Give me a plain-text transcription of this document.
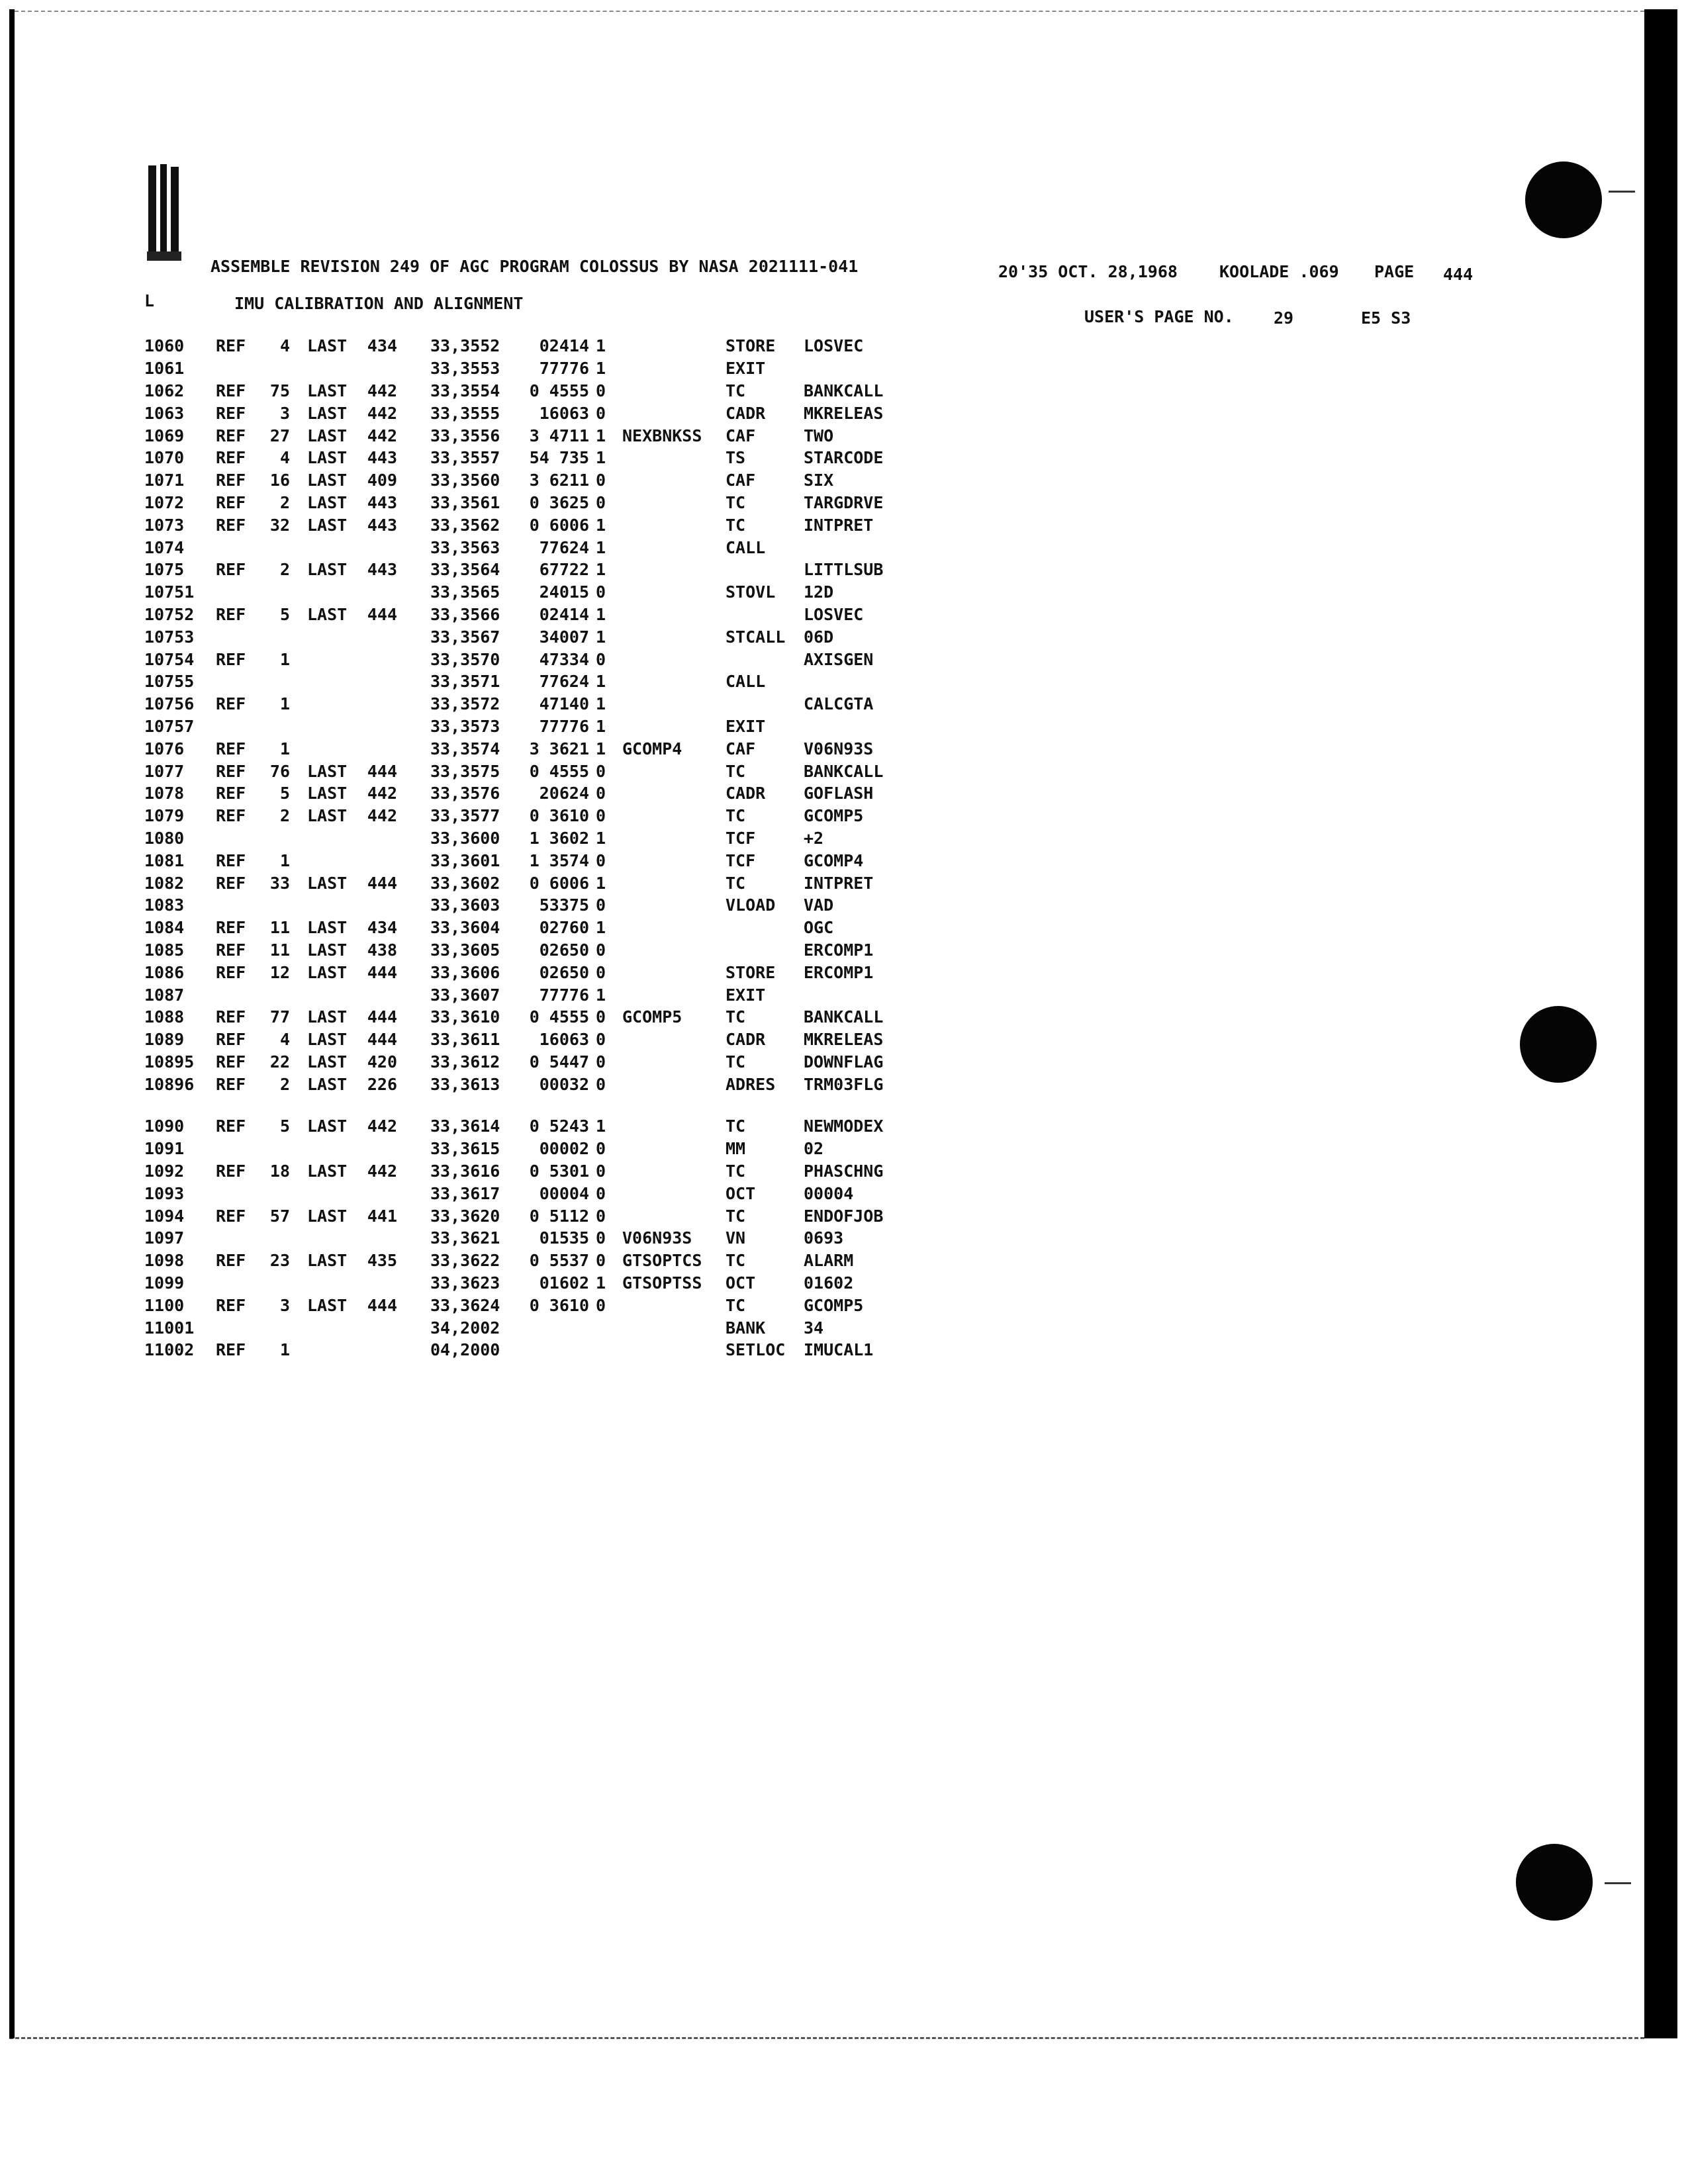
ASSEMBLE REVISION 249 OF AGC PROGRAM COLOSSUS BY NASA 2021111-041	20'35 OCT. 28,1968	KOOLADE .069 PAGE 444
L	IMU CALIBRATION AND ALIGNMENT
USER'S PAGE NO. 29	E5 S3
1060	REF	4	LAST	434	33,3552	02414	1		STORE	LOSVEC
1061					33,3553	77776	1		EXIT	
1062	REF	75	LAST	442	33,3554	0 4555	0		TC	BANKCALL
1063	REF	3	LAST	442	33,3555	16063	0		CADR	MKRELEAS
1069	REF	27	LAST	442	33,3556	3 4711	1	NEXBNKSS	CAF	TWO
1070	REF	4	LAST	443	33,3557	54 735	1		TS	STARCODE
1071	REF	16	LAST	409	33,3560	3 6211	0		CAF	SIX
1072	REF	2	LAST	443	33,3561	0 3625	0		TC	TARGDRVE
1073	REF	32	LAST	443	33,3562	0 6006	1		TC	INTPRET
1074					33,3563	77624	1		CALL	
1075	REF	2	LAST	443	33,3564	67722	1			LITTLSUB
10751					33,3565	24015	0		STOVL	12D
10752	REF	5	LAST	444	33,3566	02414	1			LOSVEC
10753					33,3567	34007	1		STCALL	06D
10754	REF	1			33,3570	47334	0			AXISGEN
10755					33,3571	77624	1		CALL	
10756	REF	1			33,3572	47140	1			CALCGTA
10757					33,3573	77776	1		EXIT	
1076	REF	1			33,3574	3 3621	1	GCOMP4	CAF	V06N93S
1077	REF	76	LAST	444	33,3575	0 4555	0		TC	BANKCALL
1078	REF	5	LAST	442	33,3576	20624	0		CADR	GOFLASH
1079	REF	2	LAST	442	33,3577	0 3610	0		TC	GCOMP5
1080					33,3600	1 3602	1		TCF	+2
1081	REF	1			33,3601	1 3574	0		TCF	GCOMP4
1082	REF	33	LAST	444	33,3602	0 6006	1		TC	INTPRET
1083					33,3603	53375	0		VLOAD	VAD
1084	REF	11	LAST	434	33,3604	02760	1			OGC
1085	REF	11	LAST	438	33,3605	02650	0			ERCOMP1
1086	REF	12	LAST	444	33,3606	02650	0		STORE	ERCOMP1
1087					33,3607	77776	1		EXIT	
1088	REF	77	LAST	444	33,3610	0 4555	0	GCOMP5	TC	BANKCALL
1089	REF	4	LAST	444	33,3611	16063	0		CADR	MKRELEAS
10895	REF	22	LAST	420	33,3612	0 5447	0		TC	DOWNFLAG
10896	REF	2	LAST	226	33,3613	00032	0		ADRES	TRM03FLG

1090	REF	5	LAST	442	33,3614	0 5243	1		TC	NEWMODEX
1091					33,3615	00002	0		MM	02
1092	REF	18	LAST	442	33,3616	0 5301	0		TC	PHASCHNG
1093					33,3617	00004	0		OCT	00004
1094	REF	57	LAST	441	33,3620	0 5112	0		TC	ENDOFJOB
1097					33,3621	01535	0	V06N93S	VN	0693
1098	REF	23	LAST	435	33,3622	0 5537	0	GTSOPTCS	TC	ALARM
1099					33,3623	01602	1	GTSOPTSS	OCT	01602
1100	REF	3	LAST	444	33,3624	0 3610	0		TC	GCOMP5
11001					34,2002				BANK	34
11002	REF	1			04,2000				SETLOC	IMUCAL1
